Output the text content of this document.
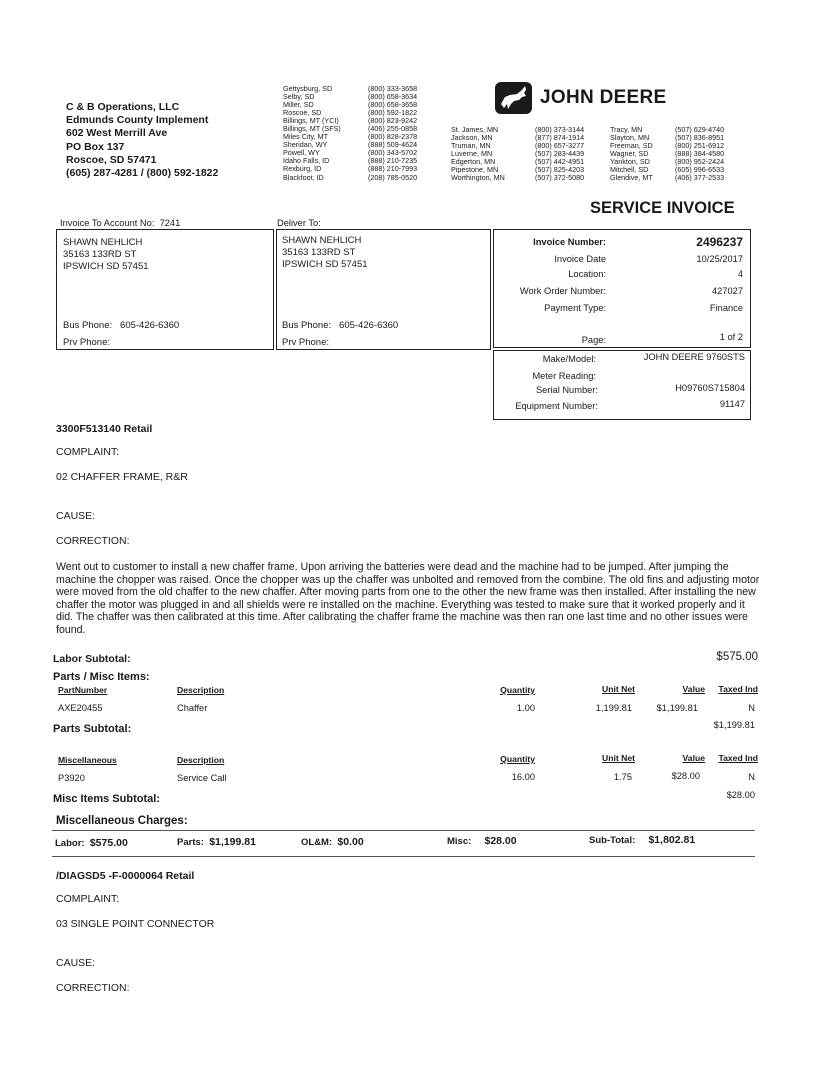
C & B Operations, LLC
Edmunds County Implement
602 West Merrill Ave
PO Box 137
Roscoe, SD 57471
(605) 287-4281 / (800) 592-1822
Gettysburg, SD	(800) 333-3658
Selby, SD	(800) 658-3634
Miller, SD	(800) 658-3658
Roscoe, SD	(800) 592-1822
Billings, MT (YCI)	(800) 823-9242
Billings, MT (SFS)	(406) 255-0858
Miles City, MT	(800) 828-2378
Sheridan, WY	(888) 509-4624
Powell, WY	(800) 343-5702
Idaho Falls, ID	(888) 210-7235
Rexburg, ID	(888) 210-7993
Blackfoot, ID	(208) 785-0520
St. James, MN	(800) 373-3144
Jackson, MN	(877) 874-1914
Truman, MN	(800) 657-3277
Luverne, MN	(507) 283-4439
Edgerton, MN	(507) 442-4951
Pipestone, MN	(507) 825-4203
Worthington, MN	(507) 372-5080
Tracy, MN	(507) 629-4740
Slayton, MN	(507) 836-8951
Freeman, SD	(800) 251-6912
Wagner, SD	(888) 384-4580
Yankton, SD	(800) 952-2424
Mitchell, SD	(605) 996-6533
Glendive, MT	(406) 377-2533
JOHN DEERE
SERVICE INVOICE
Invoice To Account No: 7241	Deliver To:
SHAWN NEHLICH
35163 133RD ST
IPSWICH SD 57451
Bus Phone: 605-426-6360
Prv Phone:
SHAWN NEHLICH
35163 133RD ST
IPSWICH SD 57451
Bus Phone: 605-426-6360
Prv Phone:
Invoice Number:	2496237
Invoice Date	10/25/2017
Location:	4
Work Order Number:	427027
Payment Type:	Finance
Page:	1 of 2
Make/Model:	JOHN DEERE 9760STS
Meter Reading:
Serial Number:	H09760S715804
Equipment Number:	91147
3300F513140 Retail
COMPLAINT:
02 CHAFFER FRAME, R&R
CAUSE:
CORRECTION:
Went out to customer to install a new chaffer frame. Upon arriving the batteries were dead and the machine had to be jumped. After jumping the machine the chopper was raised. Once the chopper was up the chaffer was unbolted and removed from the combine. The old fins and adjusting motor were moved from the old chaffer to the new chaffer. After moving parts from one to the other the new frame was then installed. After installing the new chaffer the motor was plugged in and all shields were re installed on the machine. Everything was tested to make sure that it worked properly and it did. The chaffer was then calibrated at this time. After calibrating the chaffer frame the machine was then ran one last time and no other issues were found.
Labor Subtotal:	$575.00
Parts / Misc Items:
PartNumber	Description	Quantity	Unit Net	Value	Taxed Ind
AXE20455	Chaffer	1.00	1,199.81	$1,199.81	N
Parts Subtotal:	$1,199.81
Miscellaneous	Description	Quantity	Unit Net	Value	Taxed Ind
P3920	Service Call	16.00	1.75	$28.00	N
Misc Items Subtotal:	$28.00
Miscellaneous Charges:
Labor: $575.00	Parts: $1,199.81	OL&M: $0.00	Misc: $28.00	Sub-Total: $1,802.81
/DIAGSD5 -F-0000064 Retail
COMPLAINT:
03 SINGLE POINT CONNECTOR
CAUSE:
CORRECTION:
